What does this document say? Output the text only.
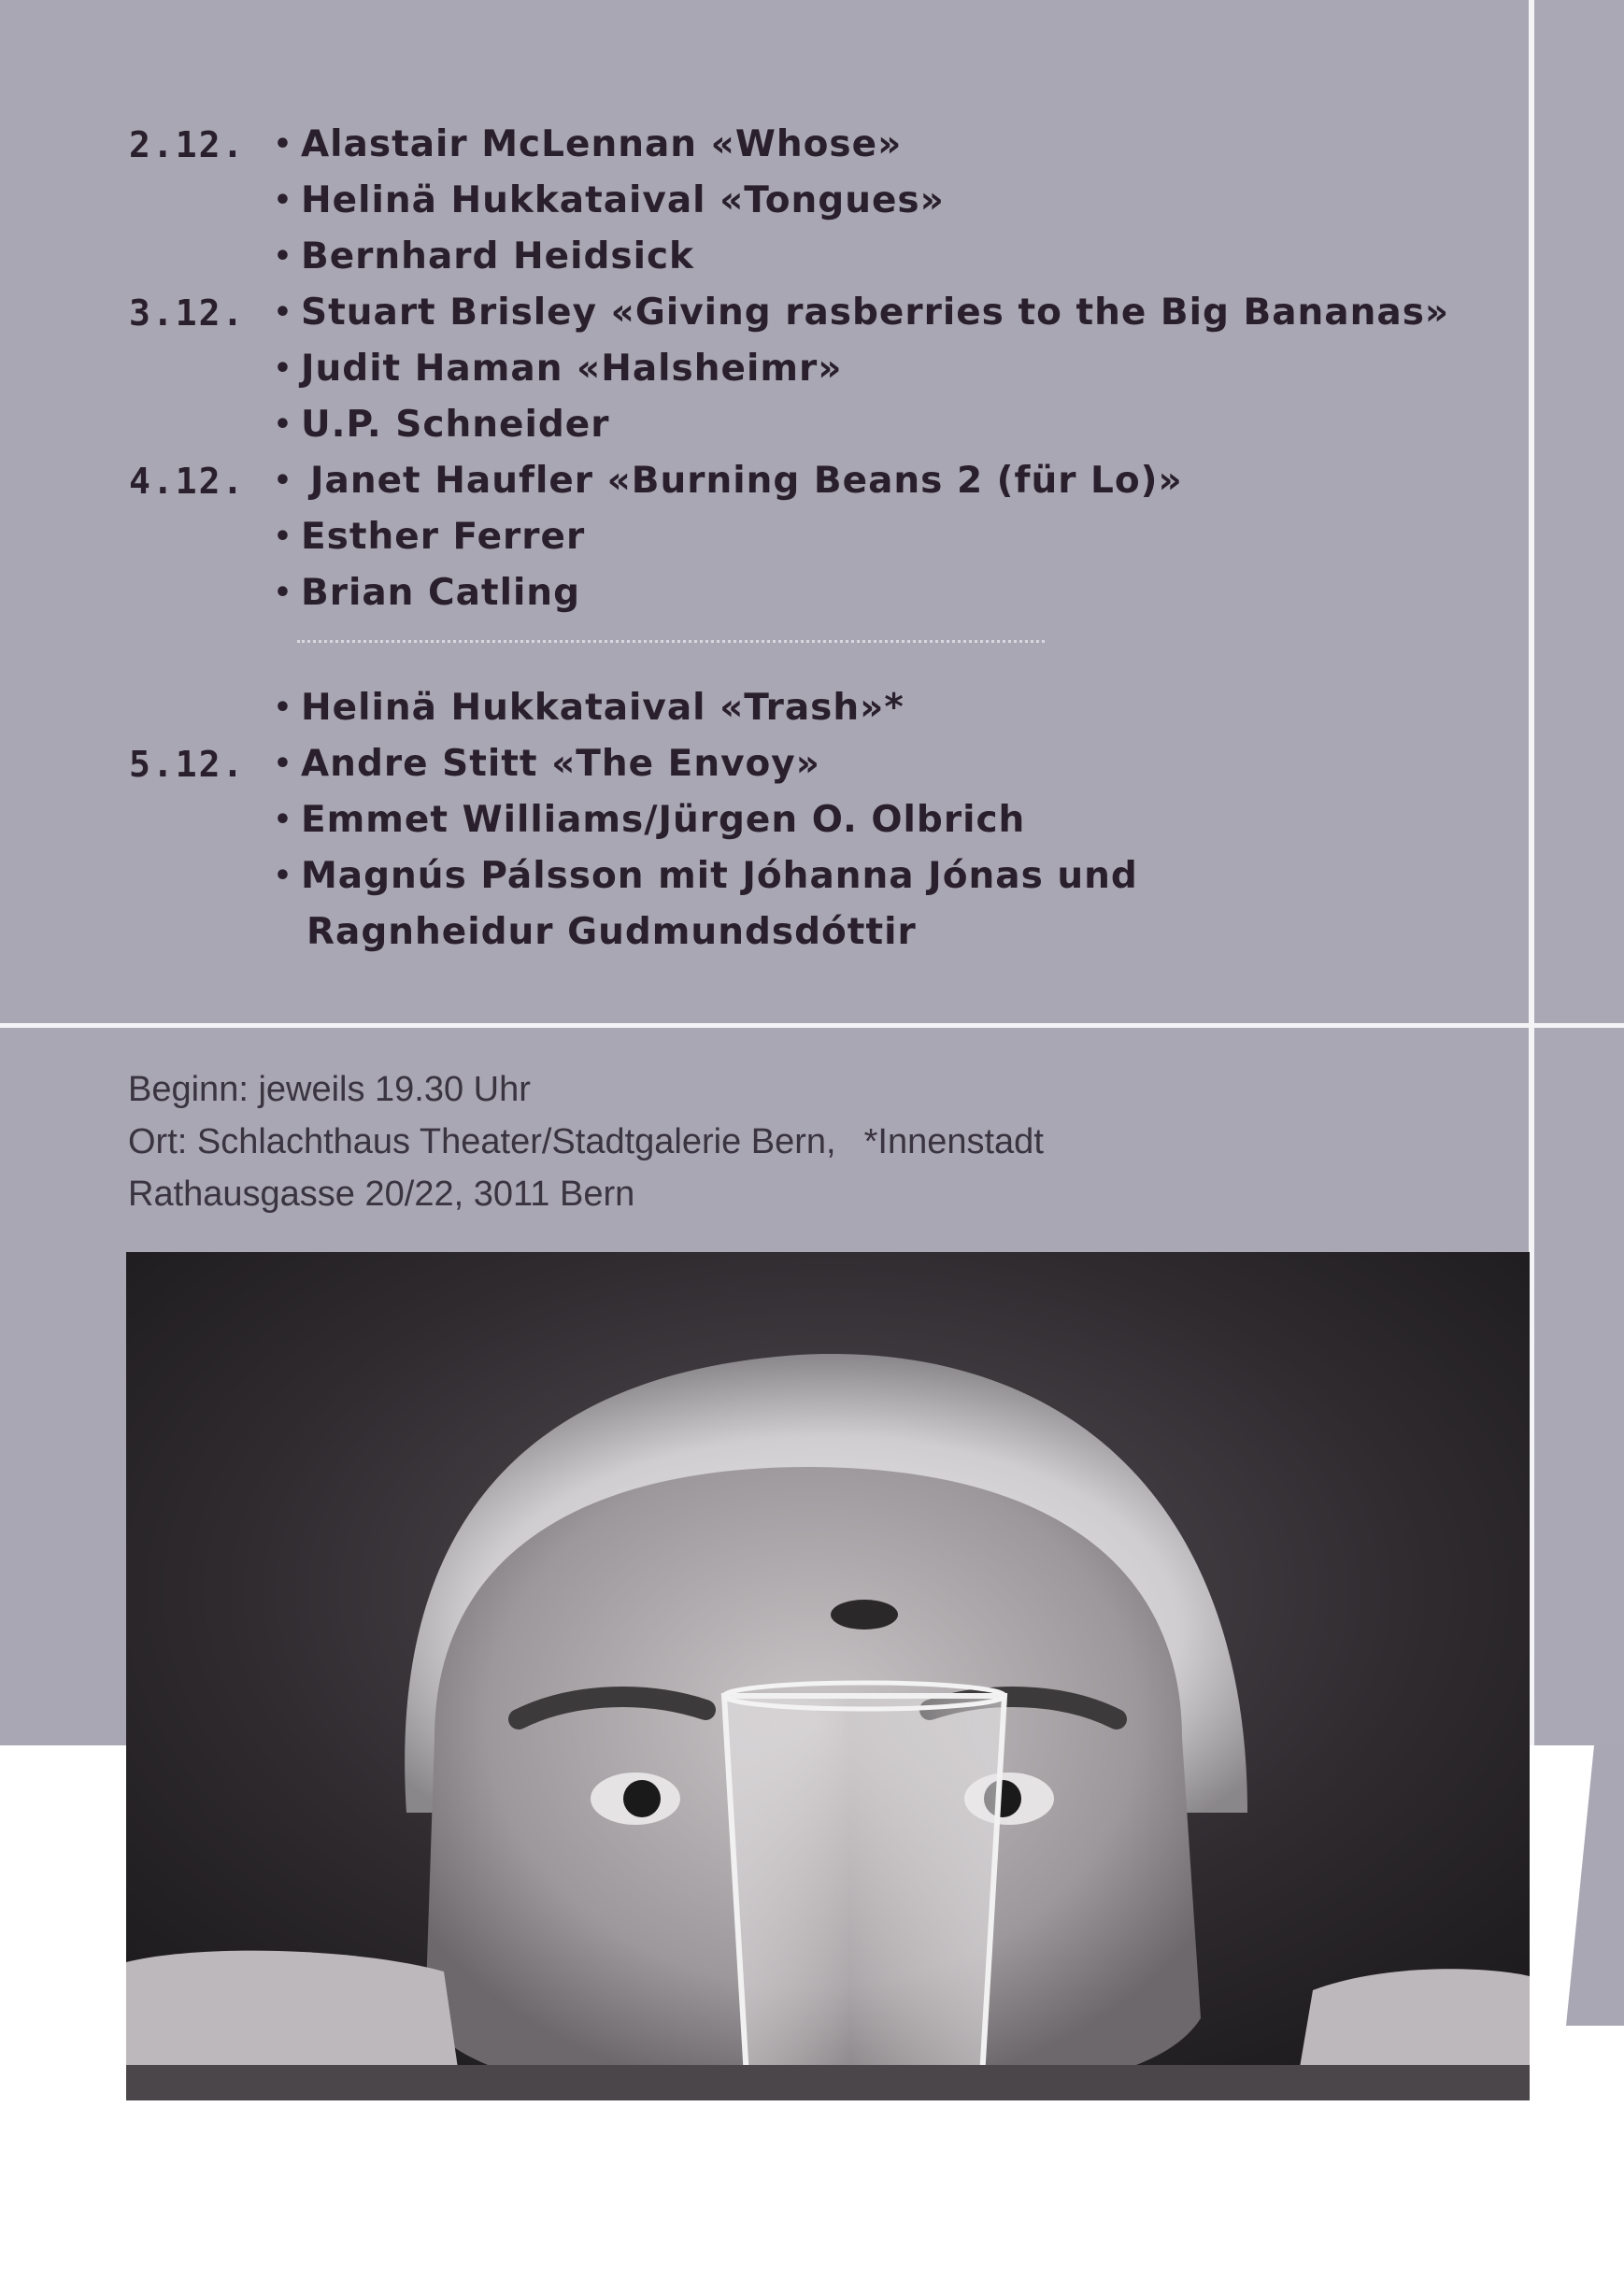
2.12.	• Alastair McLennan «Whose»
• Helinä Hukkataival «Tongues»
• Bernhard Heidsick
3.12.	• Stuart Brisley «Giving rasberries to the Big Bananas»
• Judit Haman «Halsheimr»
• U.P. Schneider
4.12.	• Janet Haufler «Burning Beans 2 (für Lo)»
• Esther Ferrer
• Brian Catling
• Helinä Hukkataival «Trash»*
5.12.	• Andre Stitt «The Envoy»
• Emmet Williams/Jürgen O. Olbrich
• Magnús Pálsson mit Jóhanna Jónas und
Ragnheidur Gudmundsdóttir
Beginn: jeweils 19.30 Uhr
Ort: Schlachthaus Theater/Stadtgalerie Bern, *Innenstadt
Rathausgasse 20/22, 3011 Bern
